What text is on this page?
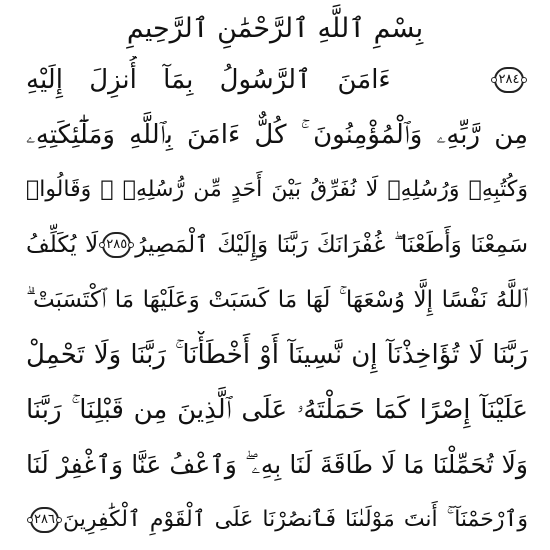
بِسْمِ ٱللَّهِ ٱلرَّحْمَٰنِ ٱلرَّحِيمِ
٢٨٤
ءَامَنَ ٱلرَّسُولُ بِمَآ أُنزِلَ إِلَيْهِ
مِن رَّبِّهِۦ وَٱلْمُؤْمِنُونَ ۚ كُلٌّ ءَامَنَ بِٱللَّهِ وَمَلَٰٓئِكَتِهِۦ
وَكُتُبِهِۦ وَرُسُلِهِۦ لَا نُفَرِّقُ بَيْنَ أَحَدٍ مِّن رُّسُلِهِۦ ۚ وَقَالُوا۟
سَمِعْنَا وَأَطَعْنَا ۖ غُفْرَانَكَ رَبَّنَا وَإِلَيْكَ ٱلْمَصِيرُ
٢٨٥
لَا يُكَلِّفُ
ٱللَّهُ نَفْسًا إِلَّا وُسْعَهَا ۚ لَهَا مَا كَسَبَتْ وَعَلَيْهَا مَا ٱكْتَسَبَتْ ۗ
رَبَّنَا لَا تُؤَاخِذْنَآ إِن نَّسِينَآ أَوْ أَخْطَأْنَا ۚ رَبَّنَا وَلَا تَحْمِلْ
عَلَيْنَآ إِصْرًا كَمَا حَمَلْتَهُۥ عَلَى ٱلَّذِينَ مِن قَبْلِنَا ۚ رَبَّنَا
وَلَا تُحَمِّلْنَا مَا لَا طَاقَةَ لَنَا بِهِۦ ۖ وَٱعْفُ عَنَّا وَٱغْفِرْ لَنَا
وَٱرْحَمْنَآ ۚ أَنتَ مَوْلَىٰنَا فَٱنصُرْنَا عَلَى ٱلْقَوْمِ ٱلْكَٰفِرِينَ
٢٨٦
